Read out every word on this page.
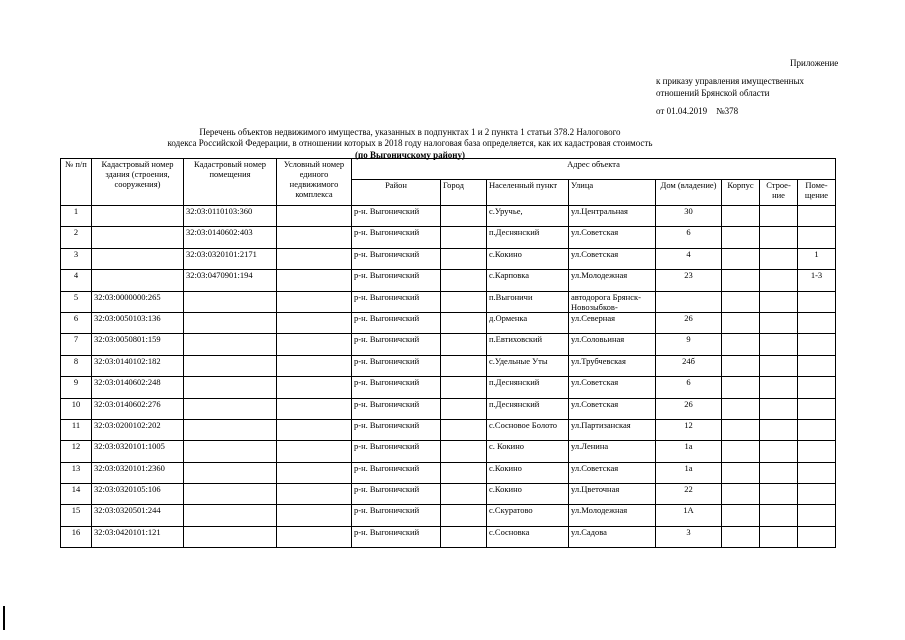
Приложение
к приказу управления имущественных
отношений Брянской области
от 01.04.2019    №378
Перечень объектов недвижимого имущества, указанных в подпунктах 1 и 2 пункта 1 статьи 378.2 Налогового
кодекса Российской Федерации, в отношении которых в 2018 году налоговая база определяется, как их кадастровая стоимость
(по Выгоничскому району)
№ п/п	Кадастровый номер здания (строения, сооружения)	Кадастровый номер помещения	Условный номер единого недвижимого комплекса	Адрес объекта							
				Район	Город	Населенный пункт	Улица	Дом (владение)	Корпус	Строе-ние	Поме-щение
1		32:03:0110103:360		р-н. Выгоничский		с.Уручье,	ул.Центральная	30			
2		32:03:0140602:403		р-н. Выгоничский		п.Деснянский	ул.Советская	6			
3		32:03:0320101:2171		р-н. Выгоничский		с.Кокино	ул.Советская	4			1
4		32:03:0470901:194		р-н. Выгоничский		с.Карповка	ул.Молодежная	23			1-3
5	32:03:0000000:265			р-н. Выгоничский		п.Выгоничи	автодорога Брянск-Новозыбков-				
6	32:03:0050103:136			р-н. Выгоничский		д.Орменка	ул.Северная	26			
7	32:03:0050801:159			р-н. Выгоничский		п.Евтиховский	ул.Соловьиная	9			
8	32:03:0140102:182			р-н. Выгоничский		с.Удельные Уты	ул.Трубчевская	24б			
9	32:03:0140602:248			р-н. Выгоничский		п.Деснянский	ул.Советская	6			
10	32:03:0140602:276			р-н. Выгоничский		п.Деснянский	ул.Советская	26			
11	32:03:0200102:202			р-н. Выгоничский		с.Сосновое Болото	ул.Партизанская	12			
12	32:03:0320101:1005			р-н. Выгоничский		с. Кокино	ул.Ленина	1а			
13	32:03:0320101:2360			р-н. Выгоничский		с.Кокино	ул.Советская	1а			
14	32:03:0320105:106			р-н. Выгоничский		с.Кокино	ул.Цветочная	22			
15	32:03:0320501:244			р-н. Выгоничский		с.Скуратово	ул.Молодежная	1А			
16	32:03:0420101:121			р-н. Выгоничский		с.Сосновка	ул.Садова	3			
